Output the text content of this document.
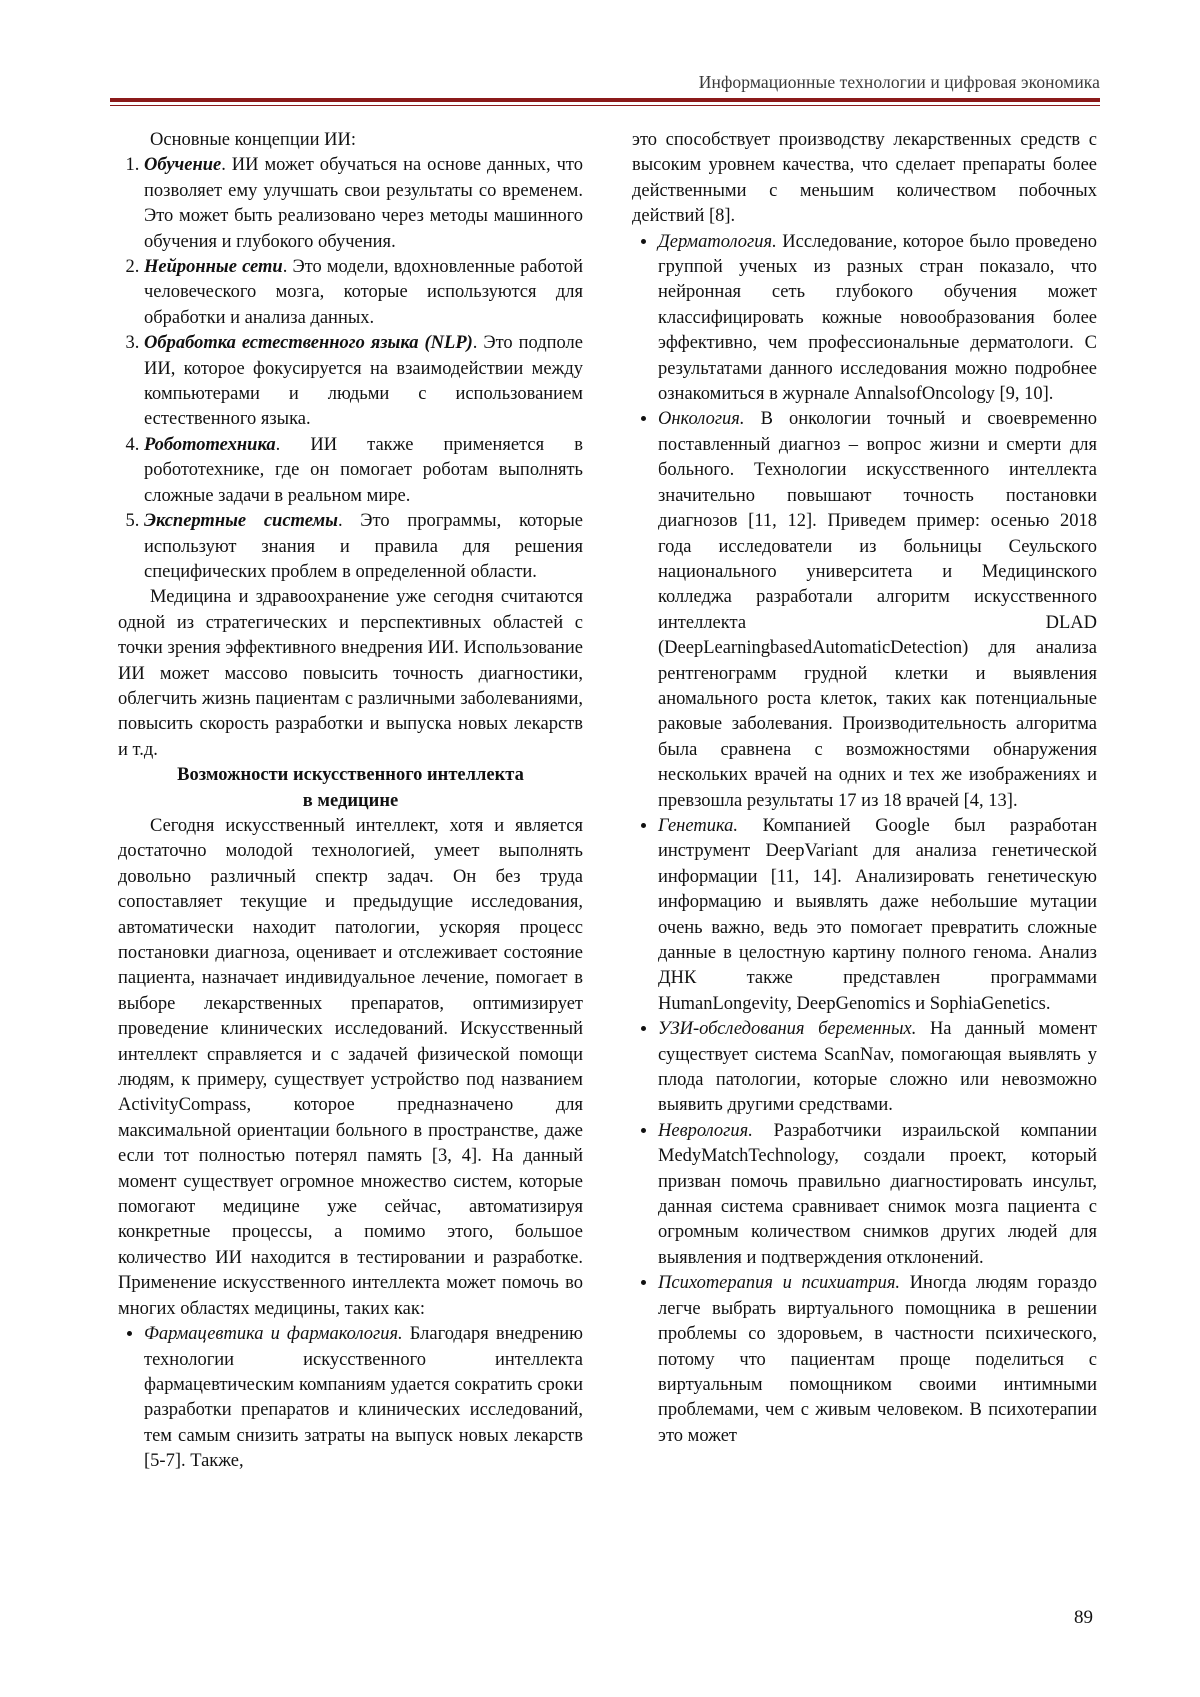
Информационные технологии и цифровая экономика

Основные концепции ИИ:

1. Обучение. ИИ может обучаться на основе данных, что позволяет ему улучшать свои результаты со временем. Это может быть реализовано через методы машинного обучения и глубокого обучения.
2. Нейронные сети. Это модели, вдохновленные работой человеческого мозга, которые используются для обработки и анализа данных.
3. Обработка естественного языка (NLP). Это подполе ИИ, которое фокусируется на взаимодействии между компьютерами и людьми с использованием естественного языка.
4. Робототехника. ИИ также применяется в робототехнике, где он помогает роботам выполнять сложные задачи в реальном мире.
5. Экспертные системы. Это программы, которые используют знания и правила для решения специфических проблем в определенной области.

Медицина и здравоохранение уже сегодня считаются одной из стратегических и перспективных областей с точки зрения эффективного внедрения ИИ. Использование ИИ может массово повысить точность диагностики, облегчить жизнь пациентам с различными заболеваниями, повысить скорость разработки и выпуска новых лекарств и т.д.

Возможности искусственного интеллекта
в медицине

Сегодня искусственный интеллект, хотя и является достаточно молодой технологией, умеет выполнять довольно различный спектр задач. Он без труда сопоставляет текущие и предыдущие исследования, автоматически находит патологии, ускоряя процесс постановки диагноза, оценивает и отслеживает состояние пациента, назначает индивидуальное лечение, помогает в выборе лекарственных препаратов, оптимизирует проведение клинических исследований. Искусственный интеллект справляется и с задачей физической помощи людям, к примеру, существует устройство под названием ActivityCompass, которое предназначено для максимальной ориентации больного в пространстве, даже если тот полностью потерял память [3, 4]. На данный момент существует огромное множество систем, которые помогают медицине уже сейчас, автоматизируя конкретные процессы, а помимо этого, большое количество ИИ находится в тестировании и разработке. Применение искусственного интеллекта может помочь во многих областях медицины, таких как:

• Фармацевтика и фармакология. Благодаря внедрению технологии искусственного интеллекта фармацевтическим компаниям удается сократить сроки разработки препаратов и клинических исследований, тем самым снизить затраты на выпуск новых лекарств [5-7]. Также,

это способствует производству лекарственных средств с высоким уровнем качества, что сделает препараты более действенными с меньшим количеством побочных действий [8].

• Дерматология. Исследование, которое было проведено группой ученых из разных стран показало, что нейронная сеть глубокого обучения может классифицировать кожные новообразования более эффективно, чем профессиональные дерматологи. С результатами данного исследования можно подробнее ознакомиться в журнале AnnalsofOncology [9, 10].
• Онкология. В онкологии точный и своевременно поставленный диагноз – вопрос жизни и смерти для больного. Технологии искусственного интеллекта значительно повышают точность постановки диагнозов [11, 12]. Приведем пример: осенью 2018 года исследователи из больницы Сеульского национального университета и Медицинского колледжа разработали алгоритм искусственного интеллекта DLAD (DeepLearningbasedAutomaticDetection) для анализа рентгенограмм грудной клетки и выявления аномального роста клеток, таких как потенциальные раковые заболевания. Производительность алгоритма была сравнена с возможностями обнаружения нескольких врачей на одних и тех же изображениях и превзошла результаты 17 из 18 врачей [4, 13].
• Генетика. Компанией Google был разработан инструмент DeepVariant для анализа генетической информации [11, 14]. Анализировать генетическую информацию и выявлять даже небольшие мутации очень важно, ведь это помогает превратить сложные данные в целостную картину полного генома. Анализ ДНК также представлен программами HumanLongevity, DeepGenomics и SophiaGenetics.
• УЗИ-обследования беременных. На данный момент существует система ScanNav, помогающая выявлять у плода патологии, которые сложно или невозможно выявить другими средствами.
• Неврология. Разработчики израильской компании MedyMatchTechnology, создали проект, который призван помочь правильно диагностировать инсульт, данная система сравнивает снимок мозга пациента с огромным количеством снимков других людей для выявления и подтверждения отклонений.
• Психотерапия и психиатрия. Иногда людям гораздо легче выбрать виртуального помощника в решении проблемы со здоровьем, в частности психического, потому что пациентам проще поделиться с виртуальным помощником своими интимными проблемами, чем с живым человеком. В психотерапии это может
89
